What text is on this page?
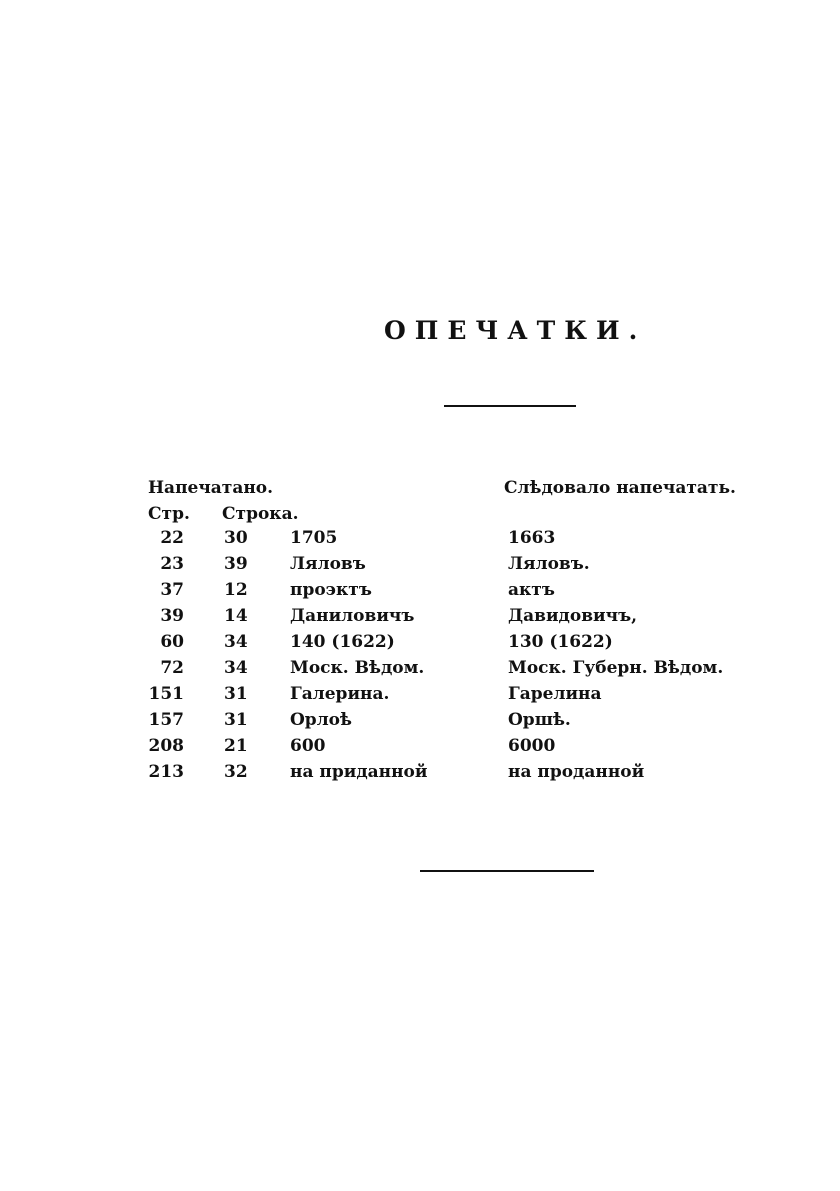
ОПЕЧАТКИ.
Напечатано.	Слѣдовало напечатать.
Стр. Строка.
22 30 1705	1663
23 39 Ляловъ	Ляловъ.
37 12 проэктъ	актъ
39 14 Даниловичъ	Давидовичъ,
60 34 140 (1622)	130 (1622)
72 34 Моск. Вѣдом.	Моск. Губерн. Вѣдом.
151 31 Галерина.	Гарелина
157 31 Орлоѣ	Оршѣ.
208 21 600	6000
213 32 на приданной	на проданной
